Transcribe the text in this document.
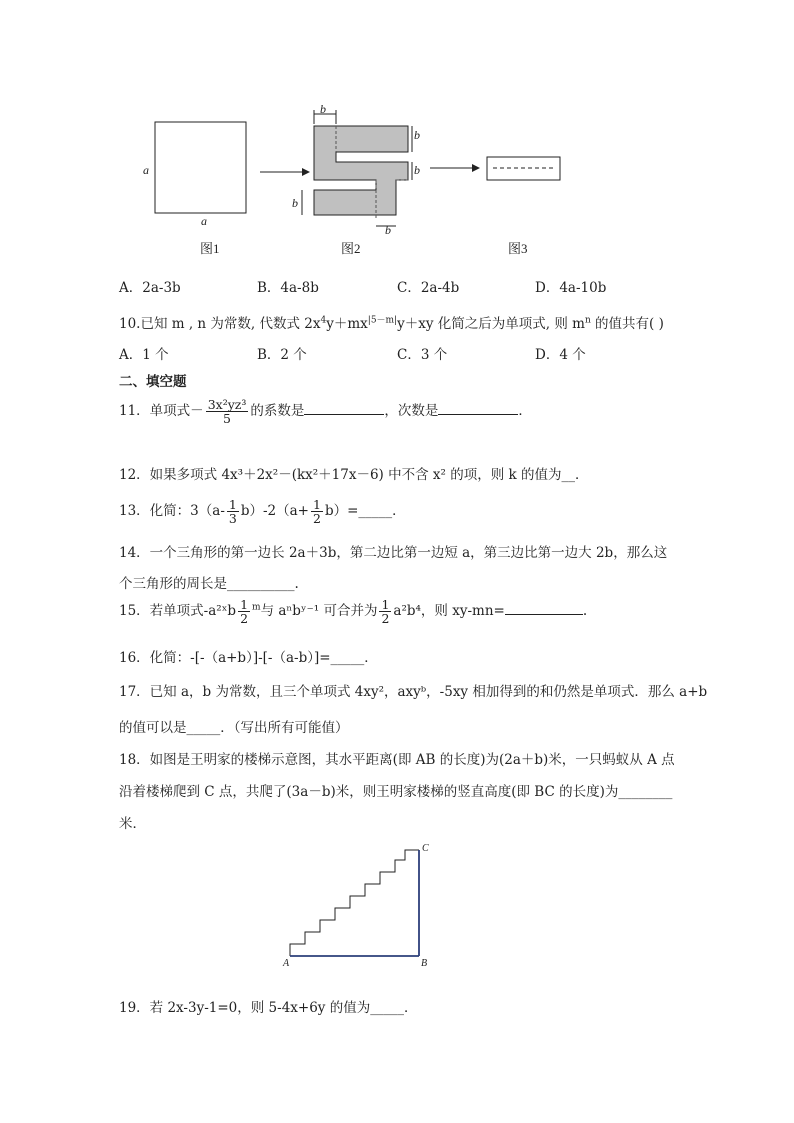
a
a
b
b
b
b
b
图1	图2	图3
A．2a-3b	B．4a-8b	C．2a-4b	D．4a-10b
10.已知 m , n 为常数, 代数式 $2x^4y+mx^{|5-m|}y+xy$ 化简之后为单项式, 则 $m^n$ 的值共有( )
A．1 个	B．2 个	C．3 个	D．4 个
二、填空题
11．单项式－ $\frac{\text{3x²yz³}}{5}$ 的系数是	，次数是	．
12．如果多项式 4x³＋2x²－(kx²＋17x－6) 中不含 x² 的项，则 k 的值为__．
13．化简：$3(a- \frac{1}{3} b)-2(a+ \frac{1}{2}$ b）=_____．
14．一个三角形的第一边长 2a＋3b，第二边比第一边短 a，第三边比第一边大 2b，那么这
个三角形的周长是__________.
15．若单项式-a²ˣb $\frac{1}{2} ^m$与 aⁿbʸ⁻¹ 可合并为 $\frac{1}{2} a^2b^4$，则 xy-mn=	.
16．化简：-[-（a+b）]-[-（a-b）]=_____．
17．已知 a，b 为常数，且三个单项式 4xy²，axyᵇ，-5xy 相加得到的和仍然是单项式．那么 a+b
的值可以是_____．（写出所有可能值）
18．如图是王明家的楼梯示意图，其水平距离(即 AB 的长度)为(2a＋b)米，一只蚂蚁从 A 点
沿着楼梯爬到 C 点，共爬了(3a－b)米，则王明家楼梯的竖直高度(即 BC 的长度)为________
米．
A	B
C
19．若 2x-3y-1=0，则 5-4x+6y 的值为_____．
